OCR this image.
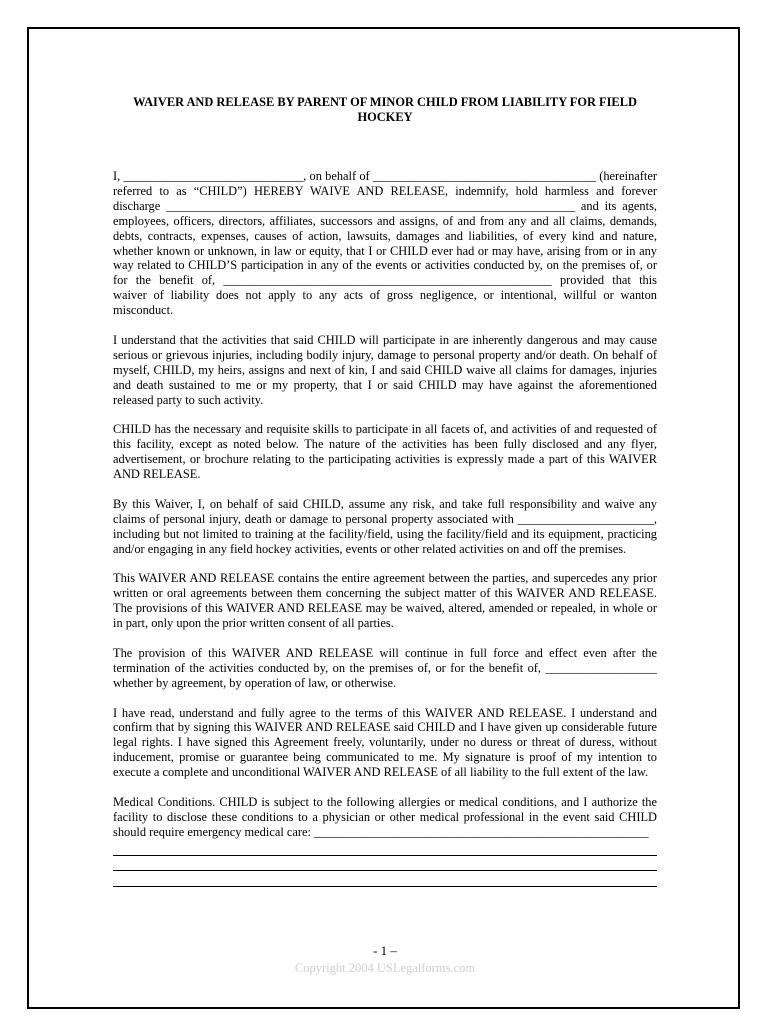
WAIVER AND RELEASE BY PARENT OF MINOR CHILD FROM LIABILITY FOR FIELD HOCKEY

I, _____________________________, on behalf of ____________________________________ (hereinafter referred to as “CHILD”) HEREBY WAIVE AND RELEASE, indemnify, hold harmless and forever discharge __________________________________________________________________ and its agents, employees, officers, directors, affiliates, successors and assigns, of and from any and all claims, demands, debts, contracts, expenses, causes of action, lawsuits, damages and liabilities, of every kind and nature, whether known or unknown, in law or equity, that I or CHILD ever had or may have, arising from or in any way related to CHILD’S participation in any of the events or activities conducted by, on the premises of, or for the benefit of, _____________________________________________________ provided that this waiver of liability does not apply to any acts of gross negligence, or intentional, willful or wanton misconduct.

I understand that the activities that said CHILD will participate in are inherently dangerous and may cause serious or grievous injuries, including bodily injury, damage to personal property and/or death. On behalf of myself, CHILD, my heirs, assigns and next of kin, I and said CHILD waive all claims for damages, injuries and death sustained to me or my property, that I or said CHILD may have against the aforementioned released party to such activity.

CHILD has the necessary and requisite skills to participate in all facets of, and activities of and requested of this facility, except as noted below. The nature of the activities has been fully disclosed and any flyer, advertisement, or brochure relating to the participating activities is expressly made a part of this WAIVER AND RELEASE.

By this Waiver, I, on behalf of said CHILD, assume any risk, and take full responsibility and waive any claims of personal injury, death or damage to personal property associated with ______________________, including but not limited to training at the facility/field, using the facility/field and its equipment, practicing and/or engaging in any field hockey activities, events or other related activities on and off the premises.

This WAIVER AND RELEASE contains the entire agreement between the parties, and supercedes any prior written or oral agreements between them concerning the subject matter of this WAIVER AND RELEASE. The provisions of this WAIVER AND RELEASE may be waived, altered, amended or repealed, in whole or in part, only upon the prior written consent of all parties.

The provision of this WAIVER AND RELEASE will continue in full force and effect even after the termination of the activities conducted by, on the premises of, or for the benefit of, __________________ whether by agreement, by operation of law, or otherwise.

I have read, understand and fully agree to the terms of this WAIVER AND RELEASE. I understand and confirm that by signing this WAIVER AND RELEASE said CHILD and I have given up considerable future legal rights. I have signed this Agreement freely, voluntarily, under no duress or threat of duress, without inducement, promise or guarantee being communicated to me. My signature is proof of my intention to execute a complete and unconditional WAIVER AND RELEASE of all liability to the full extent of the law.

Medical Conditions. CHILD is subject to the following allergies or medical conditions, and I authorize the facility to disclose these conditions to a physician or other medical professional in the event said CHILD should require emergency medical care: ______________________________________________________

- 1 –
Copyright 2004 USLegalforms.com
